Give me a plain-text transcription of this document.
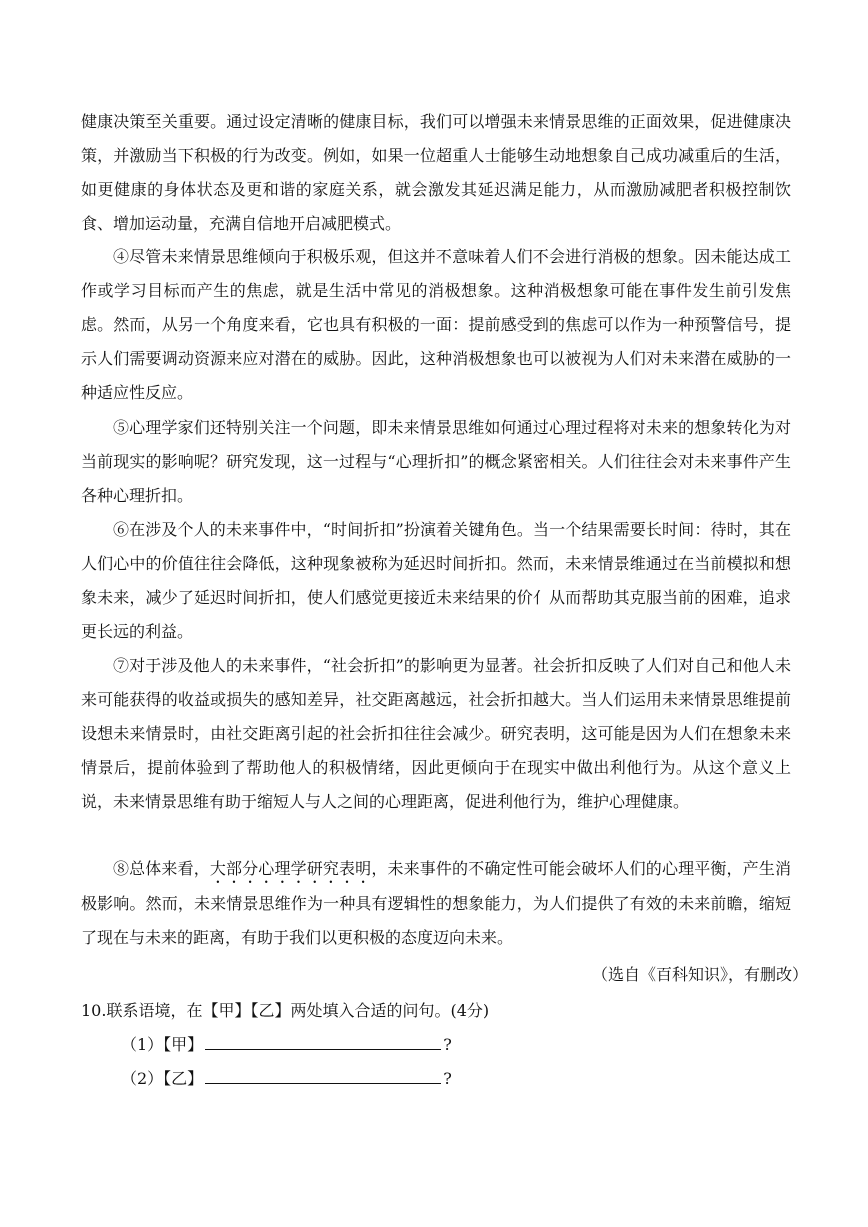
健康决策至关重要。通过设定清晰的健康目标，我们可以增强未来情景思维的正面效果，促进健康决策，并激励当下积极的行为改变。例如，如果一位超重人士能够生动地想象自己成功减重后的生活，如更健康的身体状态及更和谐的家庭关系，就会激发其延迟满足能力，从而激励减肥者积极控制饮食、增加运动量，充满自信地开启减肥模式。

④尽管未来情景思维倾向于积极乐观，但这并不意味着人们不会进行消极的想象。因未能达成工作或学习目标而产生的焦虑，就是生活中常见的消极想象。这种消极想象可能在事件发生前引发焦虑。然而，从另一个角度来看，它也具有积极的一面：提前感受到的焦虑可以作为一种预警信号，提示人们需要调动资源来应对潜在的威胁。因此，这种消极想象也可以被视为人们对未来潜在威胁的一种适应性反应。

⑤心理学家们还特别关注一个问题，即未来情景思维如何通过心理过程将对未来的想象转化为对当前现实的影响呢？研究发现，这一过程与“心理折扣”的概念紧密相关。人们往往会对未来事件产生各种心理折扣。

⑥在涉及个人的未来事件中，“时间折扣”扮演着关键角色。当一个结果需要长时间：待时，其在人们心中的价值往往会降低，这种现象被称为延迟时间折扣。然而，未来情景维通过在当前模拟和想象未来，减少了延迟时间折扣，使人们感觉更接近未来结果的价亻从而帮助其克服当前的困难，追求更长远的利益。

⑦对于涉及他人的未来事件，“社会折扣”的影响更为显著。社会折扣反映了人们对自己和他人未来可能获得的收益或损失的感知差异，社交距离越远，社会折扣越大。当人们运用未来情景思维提前设想未来情景时，由社交距离引起的社会折扣往往会减少。研究表明，这可能是因为人们在想象未来情景后，提前体验到了帮助他人的积极情绪，因此更倾向于在现实中做出利他行为。从这个意义上说，未来情景思维有助于缩短人与人之间的心理距离，促进利他行为，维护心理健康。

⑧总体来看，大部分心理学研究表明，未来事件的不确定性可能会破坏人们的心理平衡，产生消极影响。然而，未来情景思维作为一种具有逻辑性的想象能力，为人们提供了有效的未来前瞻，缩短了现在与未来的距离，有助于我们以更积极的态度迈向未来。

（选自《百科知识》，有删改）

10.联系语境，在【甲】【乙】两处填入合适的问句。(4分)

（1）【甲】	?
（2）【乙】	?
